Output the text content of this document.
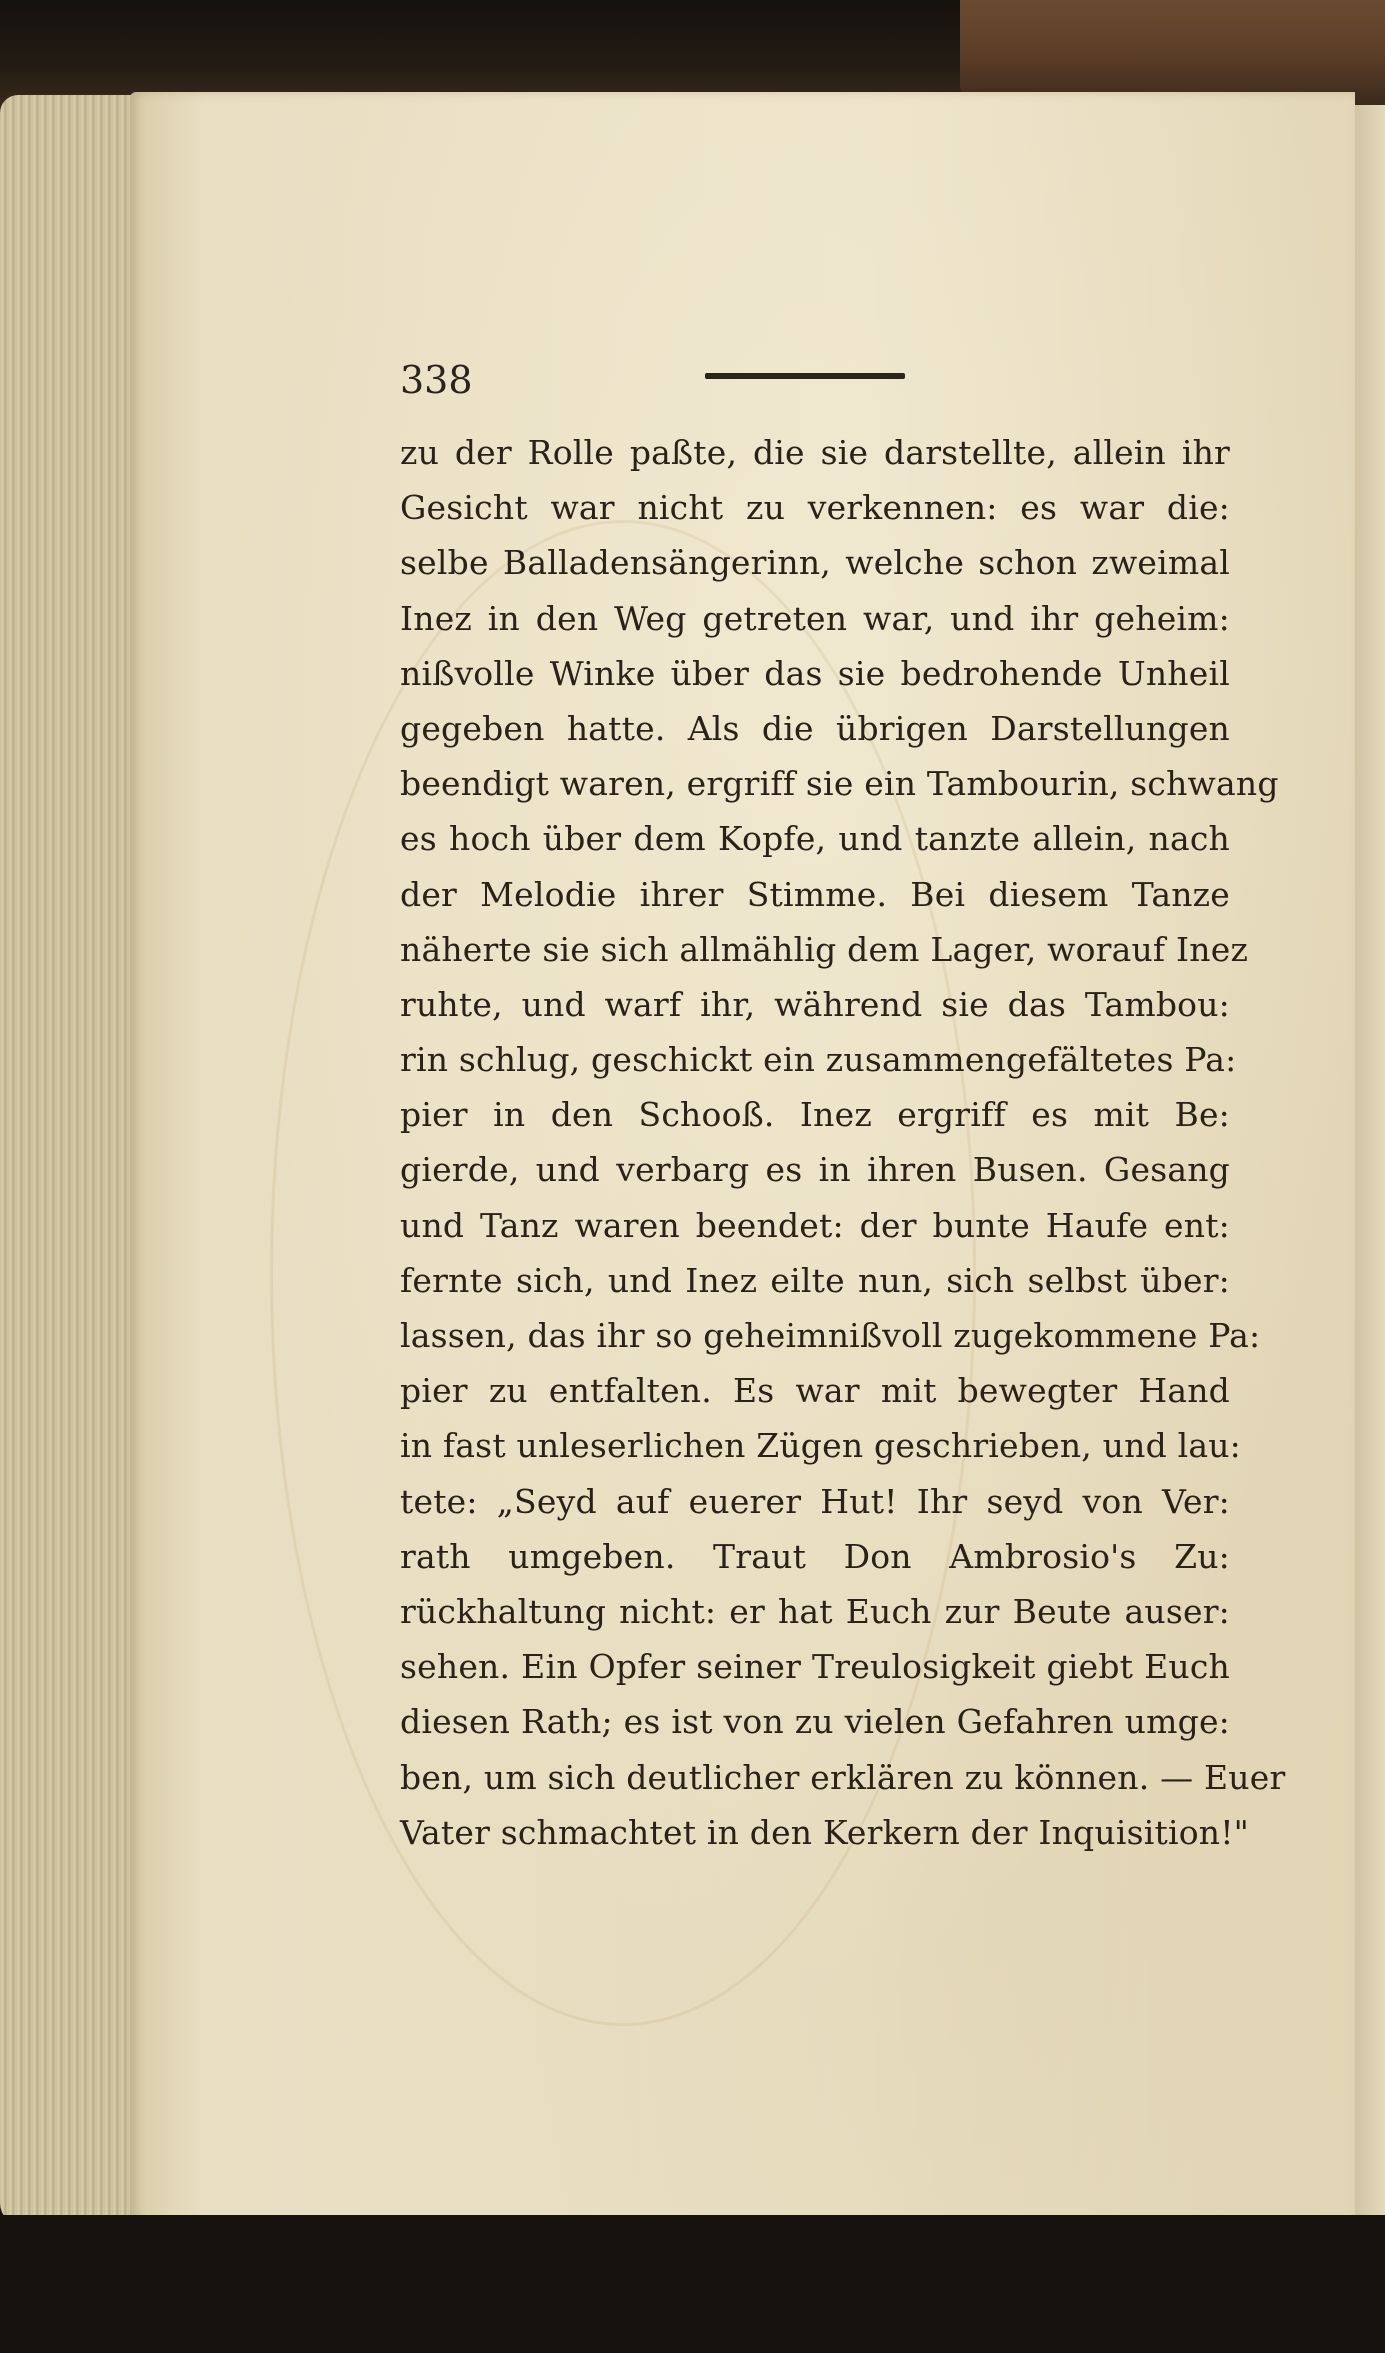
338
zu der Rolle paßte, die sie darstellte, allein ihr
Gesicht war nicht zu verkennen: es war die:
selbe Balladensängerinn, welche schon zweimal
Inez in den Weg getreten war, und ihr geheim:
nißvolle Winke über das sie bedrohende Unheil
gegeben hatte. Als die übrigen Darstellungen
beendigt waren, ergriff sie ein Tambourin, schwang
es hoch über dem Kopfe, und tanzte allein, nach
der Melodie ihrer Stimme. Bei diesem Tanze
näherte sie sich allmählig dem Lager, worauf Inez
ruhte, und warf ihr, während sie das Tambou:
rin schlug, geschickt ein zusammengefältetes Pa:
pier in den Schooß. Inez ergriff es mit Be:
gierde, und verbarg es in ihren Busen. Gesang
und Tanz waren beendet: der bunte Haufe ent:
fernte sich, und Inez eilte nun, sich selbst über:
lassen, das ihr so geheimnißvoll zugekommene Pa:
pier zu entfalten. Es war mit bewegter Hand
in fast unleserlichen Zügen geschrieben, und lau:
tete: „Seyd auf euerer Hut! Ihr seyd von Ver:
rath umgeben. Traut Don Ambrosio's Zu:
rückhaltung nicht: er hat Euch zur Beute auser:
sehen. Ein Opfer seiner Treulosigkeit giebt Euch
diesen Rath; es ist von zu vielen Gefahren umge:
ben, um sich deutlicher erklären zu können. — Euer
Vater schmachtet in den Kerkern der Inquisition!"
